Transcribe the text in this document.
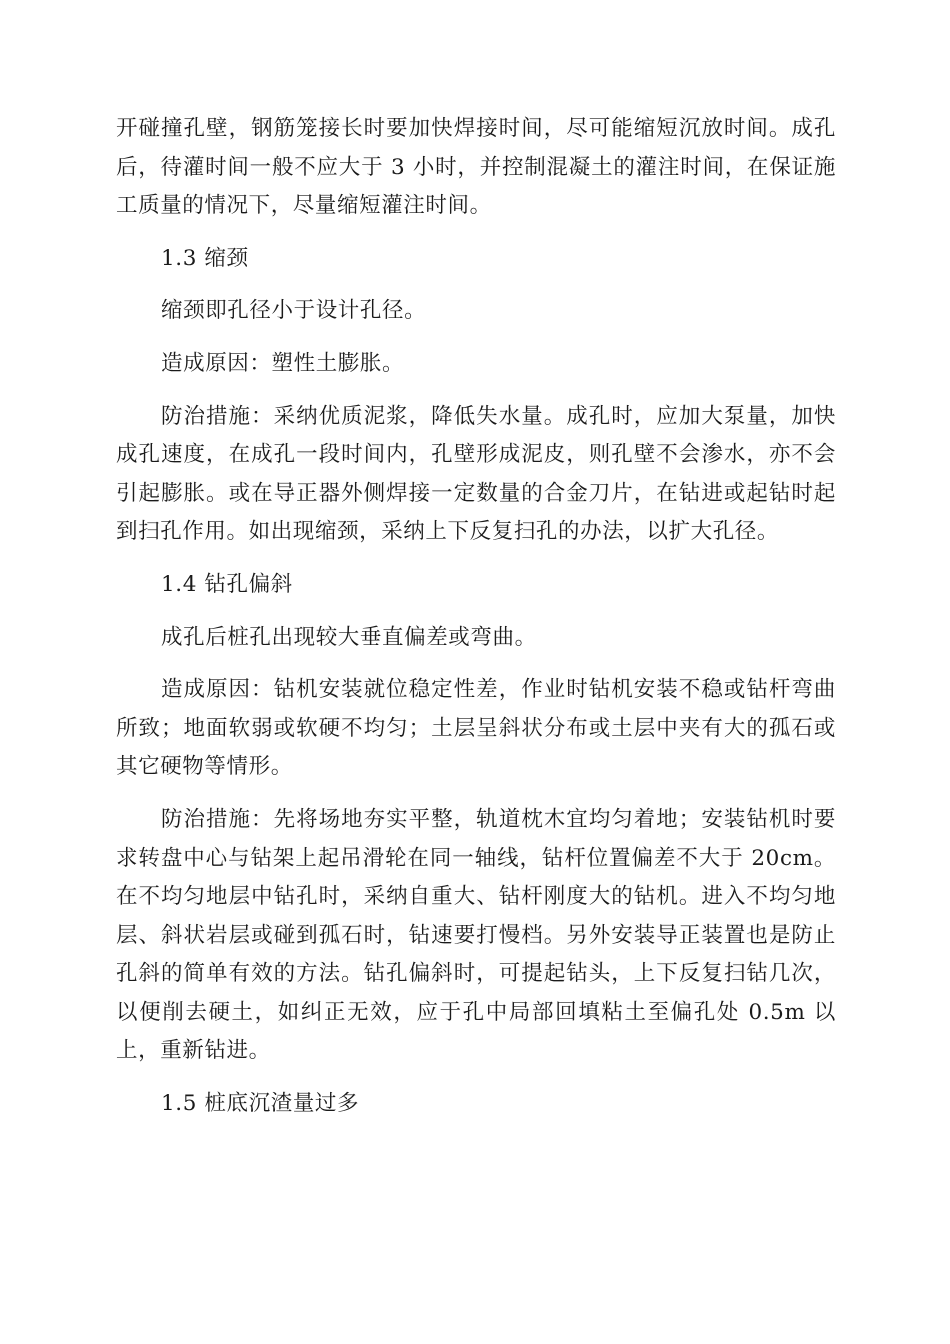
开碰撞孔壁，钢筋笼接长时要加快焊接时间，尽可能缩短沉放时间。成孔后，待灌时间一般不应大于 3 小时，并控制混凝土的灌注时间，在保证施工质量的情况下，尽量缩短灌注时间。

1.3 缩颈

缩颈即孔径小于设计孔径。

造成原因：塑性土膨胀。

防治措施：采纳优质泥浆，降低失水量。成孔时，应加大泵量，加快成孔速度，在成孔一段时间内，孔壁形成泥皮，则孔壁不会渗水，亦不会引起膨胀。或在导正器外侧焊接一定数量的合金刀片，在钻进或起钻时起到扫孔作用。如出现缩颈，采纳上下反复扫孔的办法，以扩大孔径。

1.4 钻孔偏斜

成孔后桩孔出现较大垂直偏差或弯曲。

造成原因：钻机安装就位稳定性差，作业时钻机安装不稳或钻杆弯曲所致；地面软弱或软硬不均匀；土层呈斜状分布或土层中夹有大的孤石或其它硬物等情形。

防治措施：先将场地夯实平整，轨道枕木宜均匀着地；安装钻机时要求转盘中心与钻架上起吊滑轮在同一轴线，钻杆位置偏差不大于 20cm。在不均匀地层中钻孔时，采纳自重大、钻杆刚度大的钻机。进入不均匀地层、斜状岩层或碰到孤石时，钻速要打慢档。另外安装导正装置也是防止孔斜的简单有效的方法。钻孔偏斜时，可提起钻头，上下反复扫钻几次，以便削去硬土，如纠正无效，应于孔中局部回填粘土至偏孔处 0.5m 以上，重新钻进。

1.5 桩底沉渣量过多
